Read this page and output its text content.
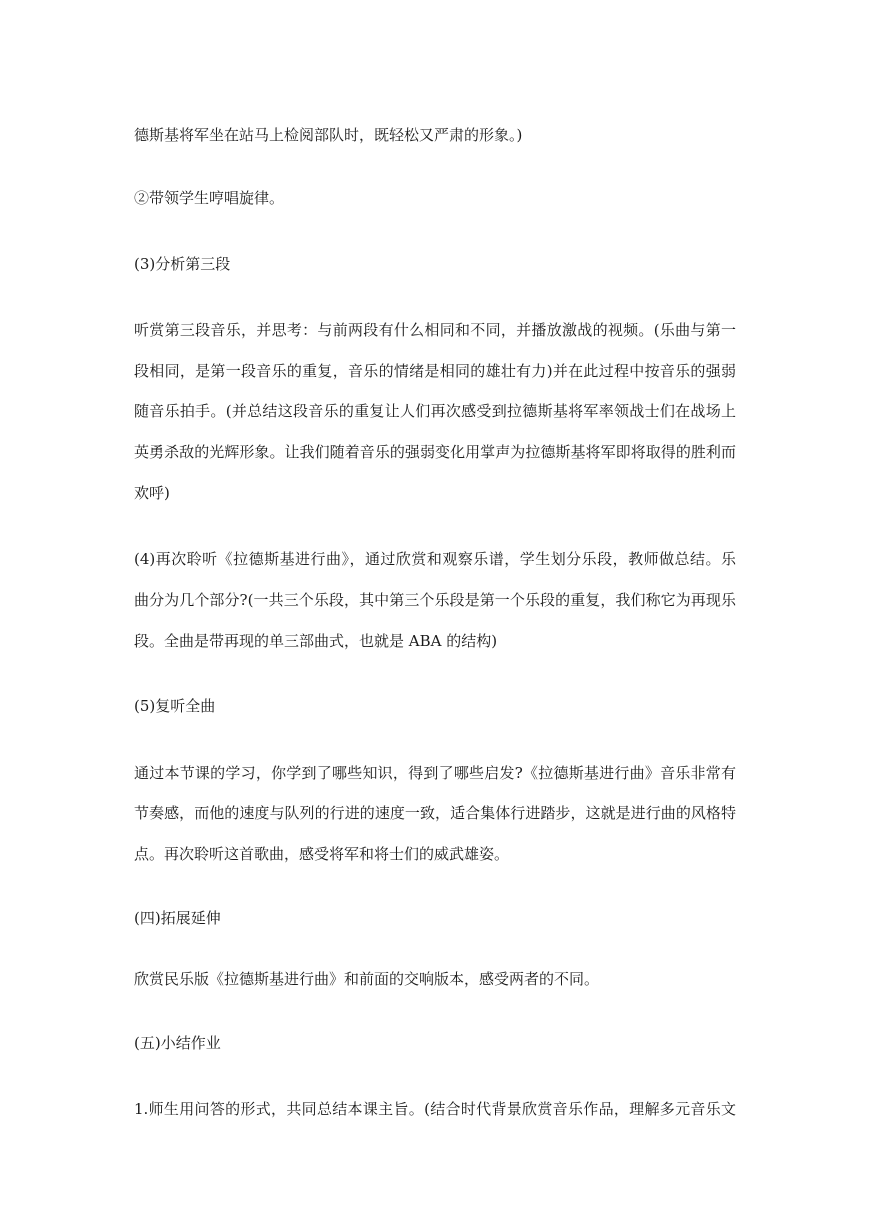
德斯基将军坐在站马上检阅部队时，既轻松又严肃的形象。)
②带领学生哼唱旋律。
(3)分析第三段
听赏第三段音乐，并思考：与前两段有什么相同和不同，并播放激战的视频。(乐曲与第一
段相同，是第一段音乐的重复，音乐的情绪是相同的雄壮有力)并在此过程中按音乐的强弱
随音乐拍手。(并总结这段音乐的重复让人们再次感受到拉德斯基将军率领战士们在战场上
英勇杀敌的光辉形象。让我们随着音乐的强弱变化用掌声为拉德斯基将军即将取得的胜利而
欢呼)
(4)再次聆听《拉德斯基进行曲》，通过欣赏和观察乐谱，学生划分乐段，教师做总结。乐
曲分为几个部分?(一共三个乐段，其中第三个乐段是第一个乐段的重复，我们称它为再现乐
段。全曲是带再现的单三部曲式，也就是 ABA 的结构)
(5)复听全曲
通过本节课的学习，你学到了哪些知识，得到了哪些启发?《拉德斯基进行曲》音乐非常有
节奏感，而他的速度与队列的行进的速度一致，适合集体行进踏步，这就是进行曲的风格特
点。再次聆听这首歌曲，感受将军和将士们的威武雄姿。
(四)拓展延伸
欣赏民乐版《拉德斯基进行曲》和前面的交响版本，感受两者的不同。
(五)小结作业
1.师生用问答的形式，共同总结本课主旨。(结合时代背景欣赏音乐作品，理解多元音乐文
